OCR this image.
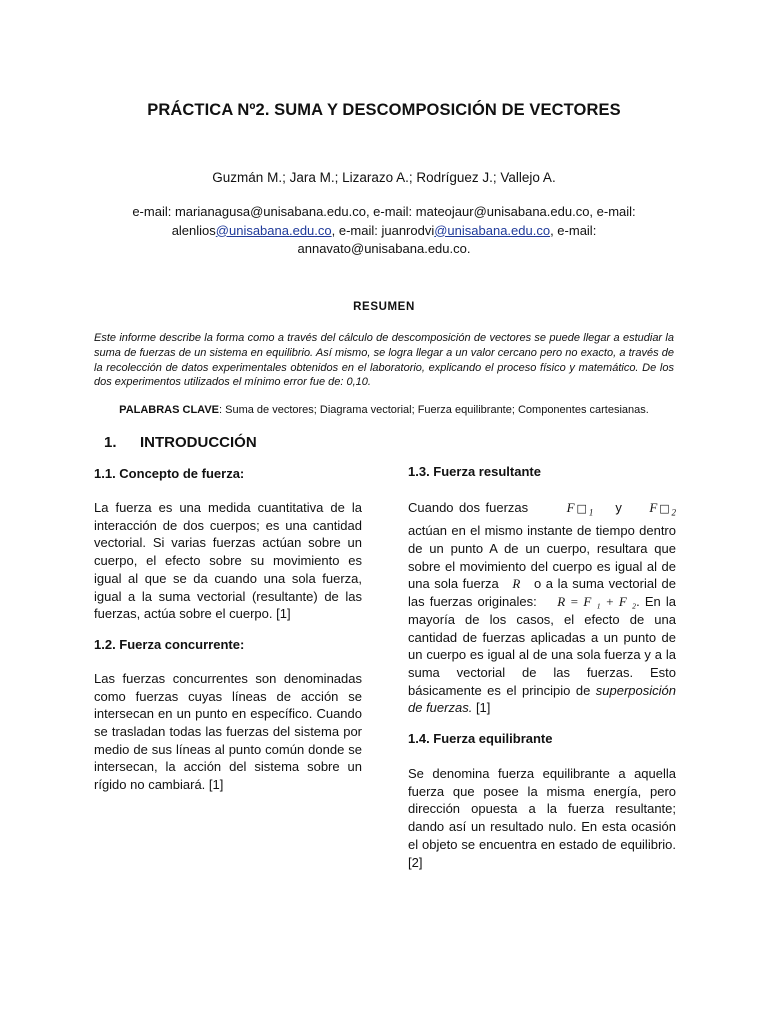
PRÁCTICA Nº2. SUMA Y DESCOMPOSICIÓN DE VECTORES
Guzmán M.; Jara M.; Lizarazo A.; Rodríguez J.; Vallejo A.
e-mail: marianagusa@unisabana.edu.co, e-mail: mateojaur@unisabana.edu.co, e-mail:
alenlios@unisabana.edu.co, e-mail: juanrodvi@unisabana.edu.co, e-mail:
annavato@unisabana.edu.co.
RESUMEN
Este informe describe la forma como a través del cálculo de descomposición de vectores se puede llegar a estudiar la suma de fuerzas de un sistema en equilibrio. Así mismo, se logra llegar a un valor cercano pero no exacto, a través de la recolección de datos experimentales obtenidos en el laboratorio, explicando el proceso físico y matemático. De los dos experimentos utilizados el mínimo error fue de: 0,10.
PALABRAS CLAVE: Suma de vectores; Diagrama vectorial; Fuerza equilibrante; Componentes cartesianas.
1. INTRODUCCIÓN

1.1. Concepto de fuerza:

La fuerza es una medida cuantitativa de la interacción de dos cuerpos; es una cantidad vectorial. Si varias fuerzas actúan sobre un cuerpo, el efecto sobre su movimiento es igual al que se da cuando una sola fuerza, igual a la suma vectorial (resultante) de las fuerzas, actúa sobre el cuerpo. [1]

1.2. Fuerza concurrente:

Las fuerzas concurrentes son denominadas como fuerzas cuyas líneas de acción se intersecan en un punto en específico. Cuando se trasladan todas las fuerzas del sistema por medio de sus líneas al punto común donde se intersecan, la acción del sistema sobre un rígido no cambiará. [1]

1.3. Fuerza resultante

Cuando dos fuerzas	$F□_1$    y     $F□_2$ actúan en el mismo instante de tiempo dentro de un punto A de un cuerpo, resultara que sobre el movimiento del cuerpo es igual al de una sola fuerza   R   o a la suma vectorial de las fuerzas originales:    R = F ₁ + F ₂. En la mayoría de los casos, el efecto de una cantidad de fuerzas aplicadas a un punto de un cuerpo es igual al de una sola fuerza y a la suma vectorial de las fuerzas. Esto básicamente es el principio de superposición de fuerzas. [1]

1.4. Fuerza equilibrante

Se denomina fuerza equilibrante a aquella fuerza que posee la misma energía, pero dirección opuesta a la fuerza resultante; dando así un resultado nulo. En esta ocasión el objeto se encuentra en estado de equilibrio. [2]
